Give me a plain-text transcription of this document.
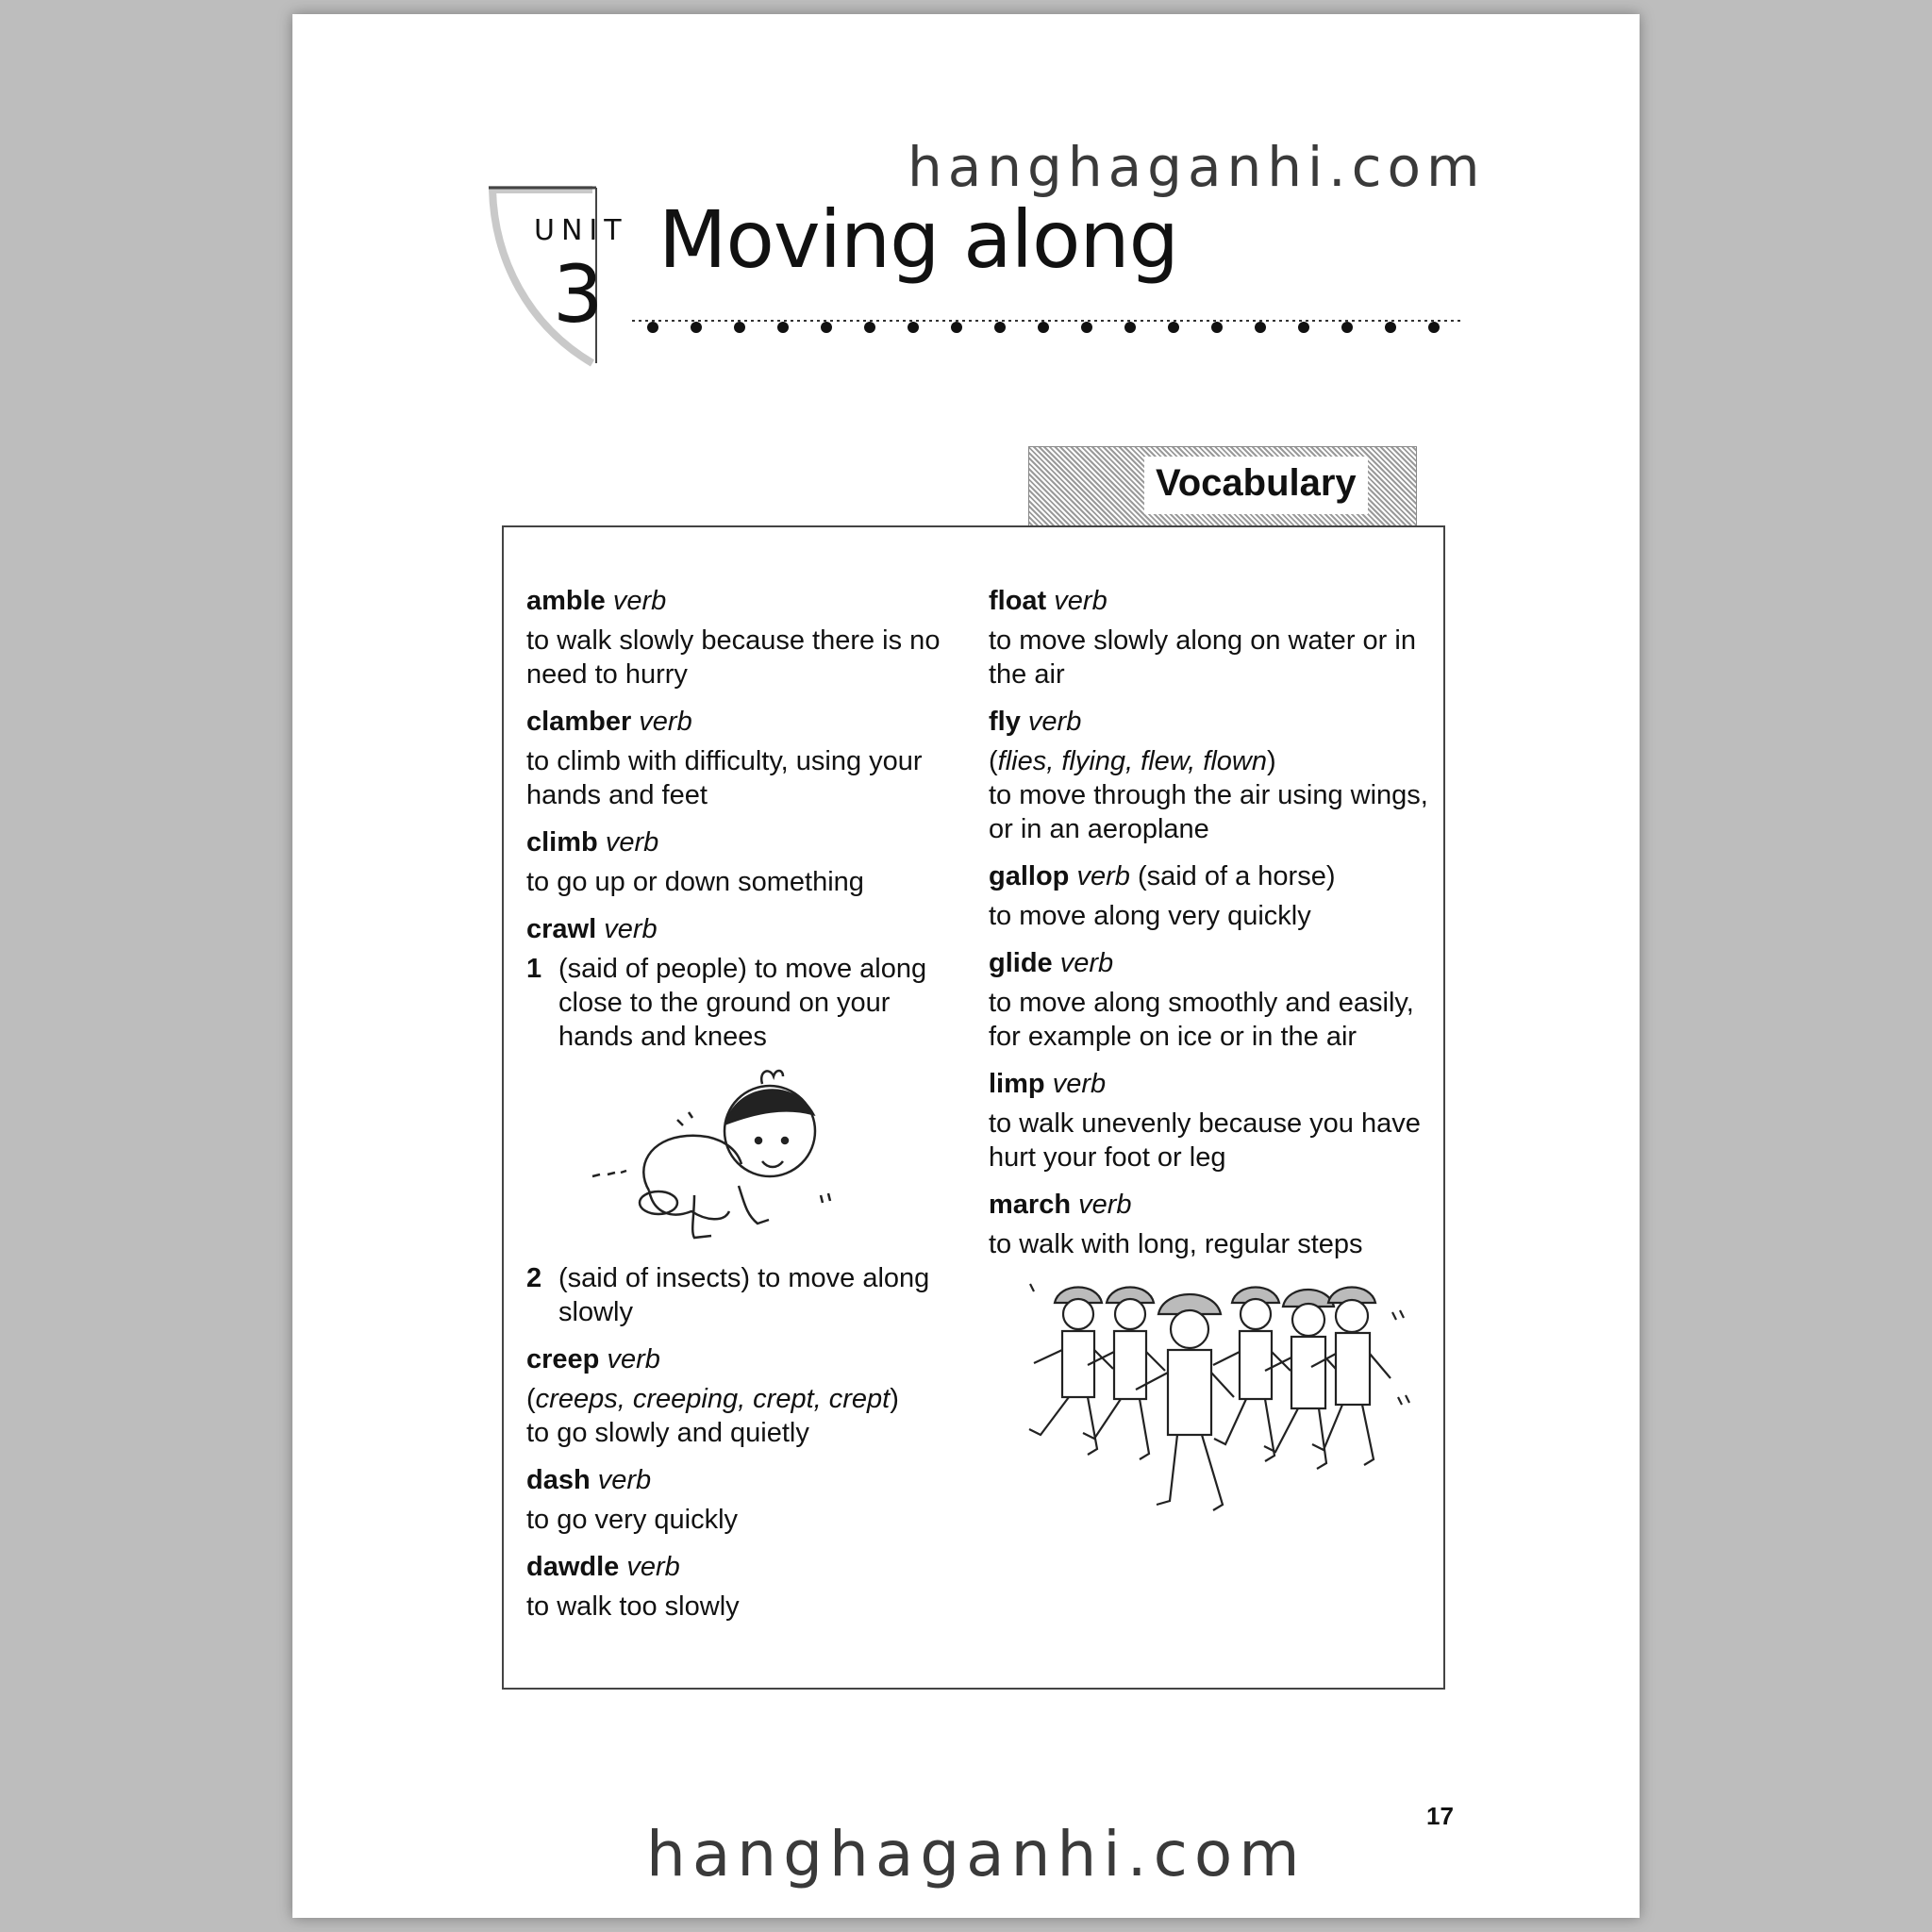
hanghaganhi.com
UNIT
3
Moving along
Vocabulary
amble verb
to walk slowly because there is no need to hurry
clamber verb
to climb with difficulty, using your hands and feet
climb verb
to go up or down something
crawl verb
1 (said of people) to move along close to the ground on your hands and knees
2 (said of insects) to move along slowly
creep verb
(creeps, creeping, crept, crept)
to go slowly and quietly
dash verb
to go very quickly
dawdle verb
to walk too slowly
float verb
to move slowly along on water or in the air
fly verb
(flies, flying, flew, flown)
to move through the air using wings, or in an aeroplane
gallop verb (said of a horse)
to move along very quickly
glide verb
to move along smoothly and easily, for example on ice or in the air
limp verb
to walk unevenly because you have hurt your foot or leg
march verb
to walk with long, regular steps
17
hanghaganhi.com
